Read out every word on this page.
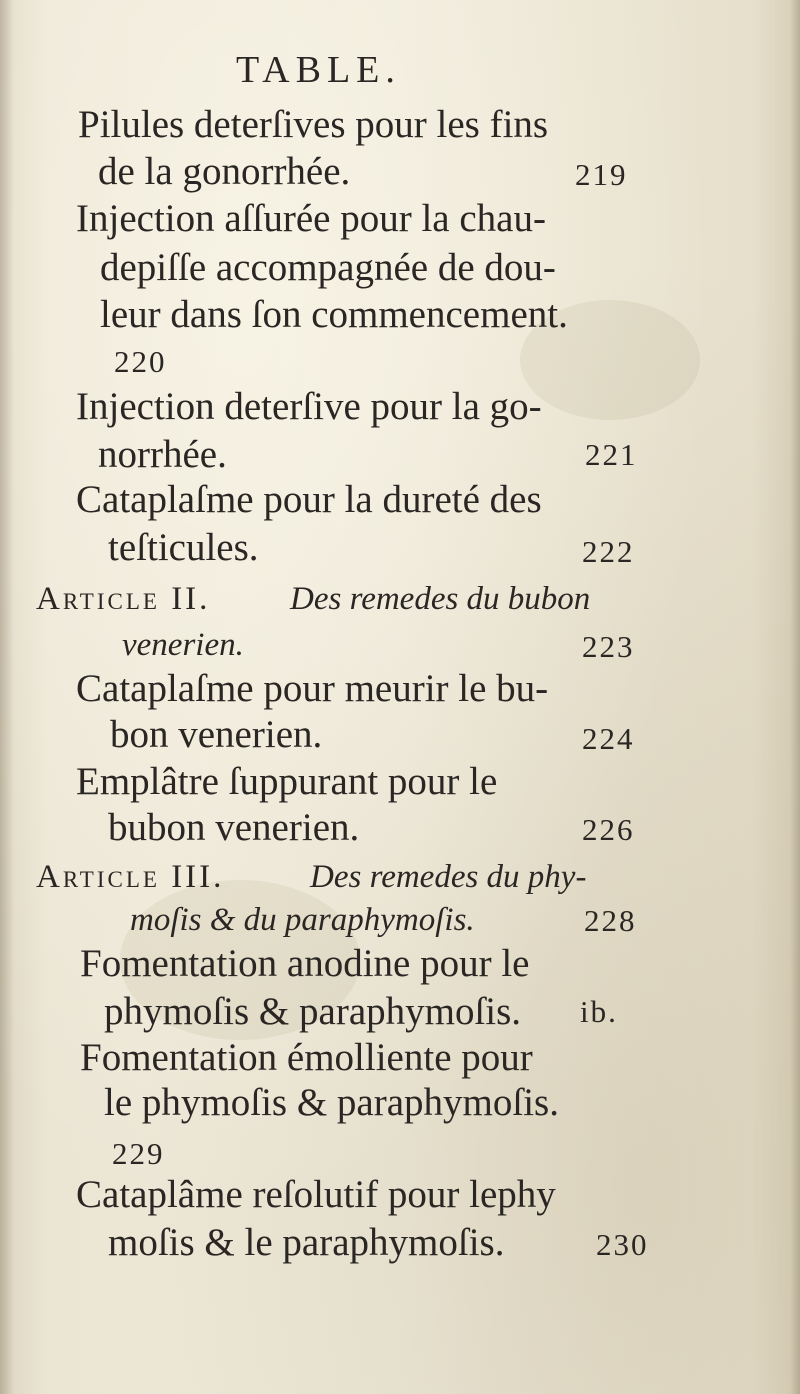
TABLE.
Pilules deterſives pour les fins
de la gonorrhée.	219
Injection aſſurée pour la chau-
depiſſe accompagnée de dou-
leur dans ſon commencement.
220
Injection deterſive pour la go-
norrhée.	221
Cataplaſme pour la dureté des
teſticules.	222
Article II. Des remedes du bubon
venerien.	223
Cataplaſme pour meurir le bu-
bon venerien.	224
Emplâtre ſuppurant pour le
bubon venerien.	226
Article III.	Des remedes du phy-
moſis & du paraphymoſis.	228
Fomentation anodine pour le
phymoſis & paraphymoſis. ib.
Fomentation émolliente pour
le phymoſis & paraphymoſis.
229
Cataplâme reſolutif pour lephy
moſis & le paraphymoſis.	230
